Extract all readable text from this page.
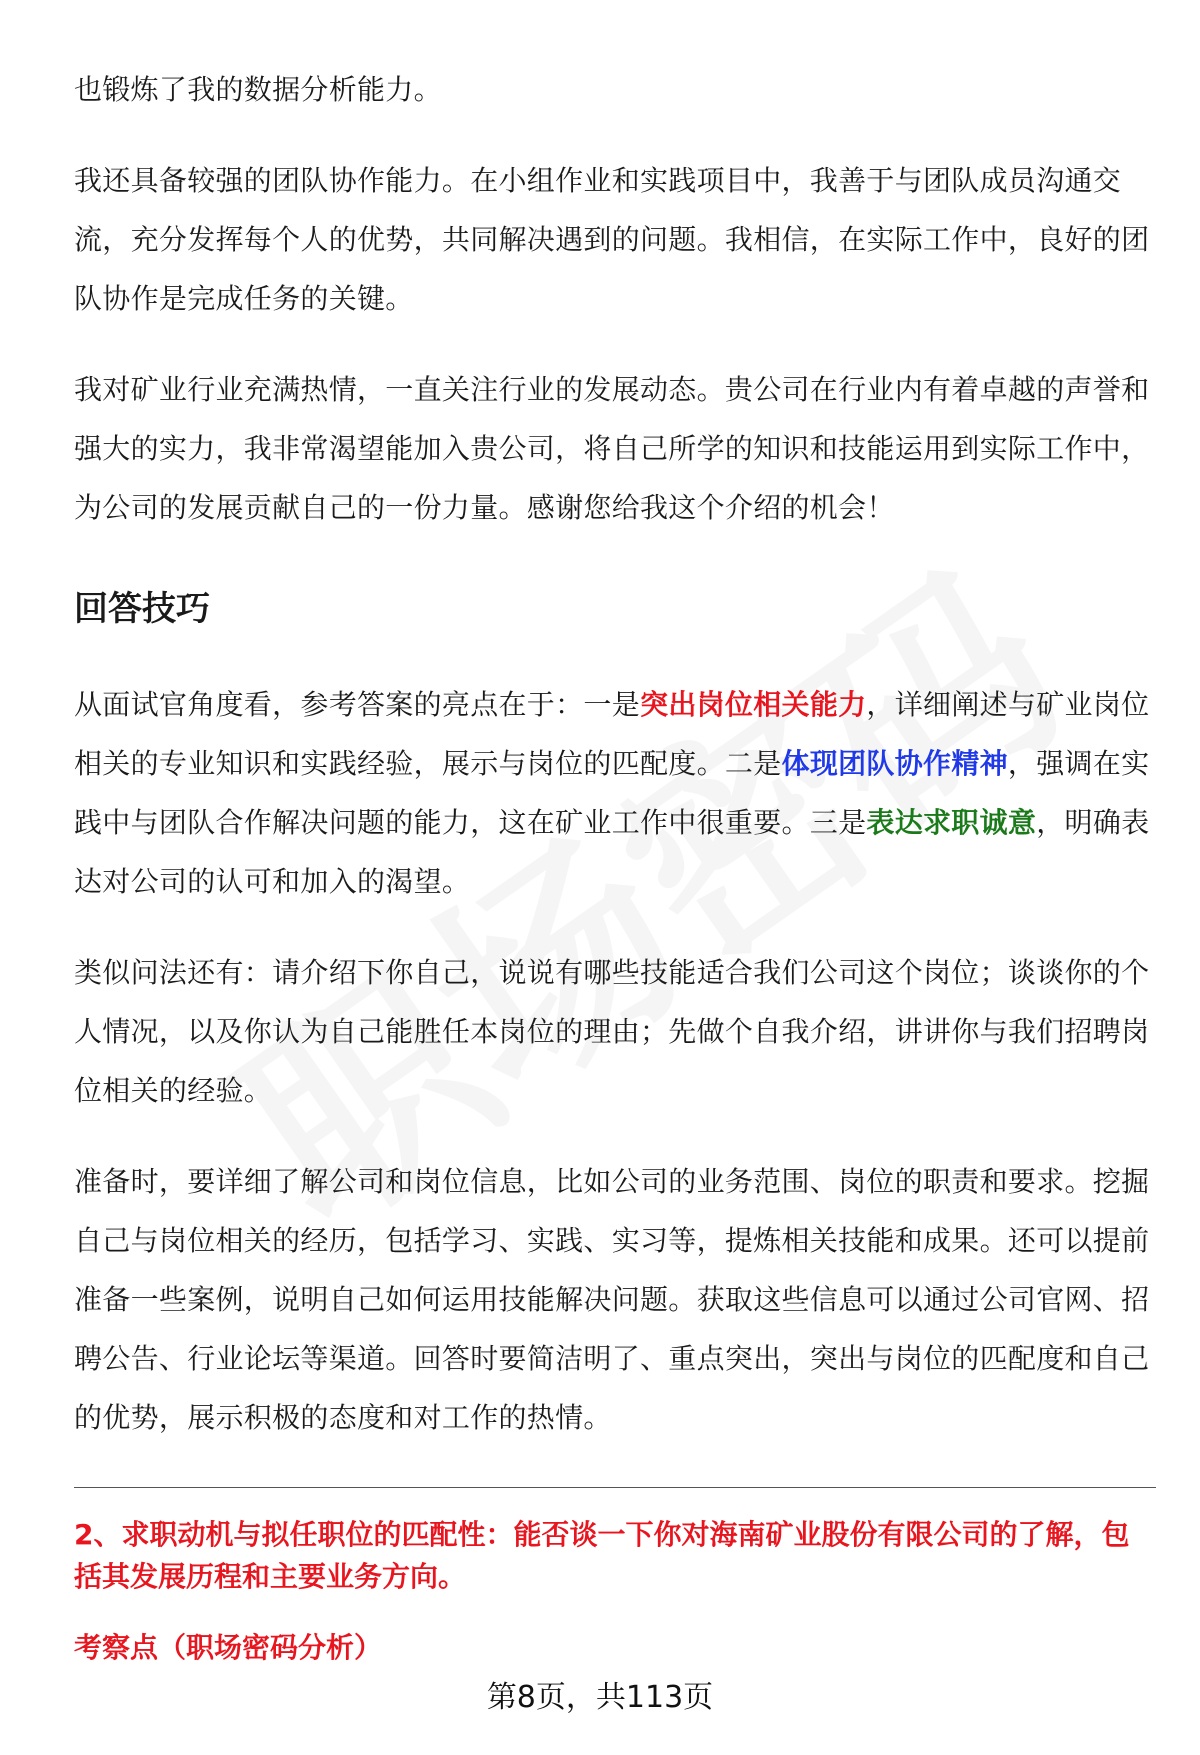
也锻炼了我的数据分析能力。

我还具备较强的团队协作能力。在小组作业和实践项目中，我善于与团队成员沟通交流，充分发挥每个人的优势，共同解决遇到的问题。我相信，在实际工作中，良好的团队协作是完成任务的关键。

我对矿业行业充满热情，一直关注行业的发展动态。贵公司在行业内有着卓越的声誉和强大的实力，我非常渴望能加入贵公司，将自己所学的知识和技能运用到实际工作中，为公司的发展贡献自己的一份力量。感谢您给我这个介绍的机会！

回答技巧

从面试官角度看，参考答案的亮点在于：一是突出岗位相关能力，详细阐述与矿业岗位相关的专业知识和实践经验，展示与岗位的匹配度。二是体现团队协作精神，强调在实践中与团队合作解决问题的能力，这在矿业工作中很重要。三是表达求职诚意，明确表达对公司的认可和加入的渴望。

类似问法还有：请介绍下你自己，说说有哪些技能适合我们公司这个岗位；谈谈你的个人情况，以及你认为自己能胜任本岗位的理由；先做个自我介绍，讲讲你与我们招聘岗位相关的经验。

准备时，要详细了解公司和岗位信息，比如公司的业务范围、岗位的职责和要求。挖掘自己与岗位相关的经历，包括学习、实践、实习等，提炼相关技能和成果。还可以提前准备一些案例，说明自己如何运用技能解决问题。获取这些信息可以通过公司官网、招聘公告、行业论坛等渠道。回答时要简洁明了、重点突出，突出与岗位的匹配度和自己的优势，展示积极的态度和对工作的热情。

2、求职动机与拟任职位的匹配性：能否谈一下你对海南矿业股份有限公司的了解，包括其发展历程和主要业务方向。

考察点（职场密码分析）

第8页，共113页
